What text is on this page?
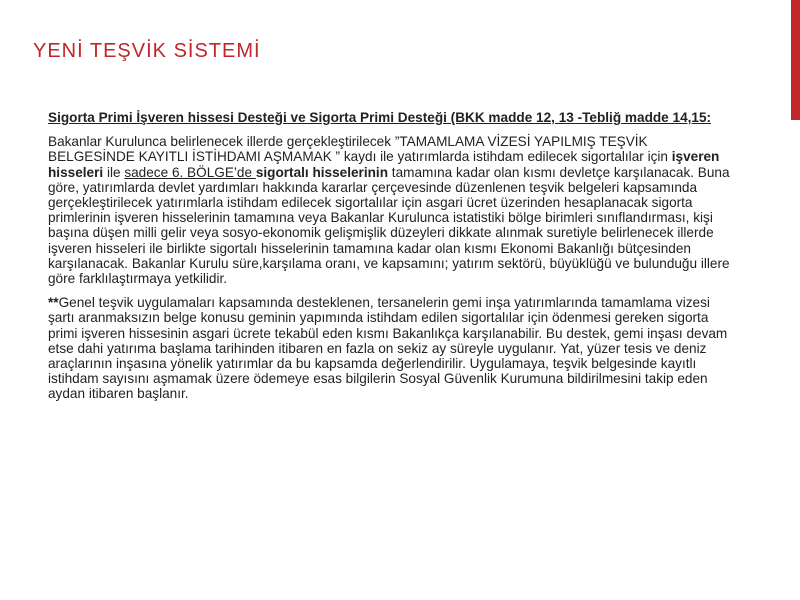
YENİ TEŞVİK SİSTEMİ

Sigorta Primi İşveren hissesi Desteği ve Sigorta Primi Desteği (BKK madde 12, 13 -Tebliğ madde 14,15:

Bakanlar Kurulunca belirlenecek illerde gerçekleştirilecek ”TAMAMLAMA VİZESİ YAPILMIŞ TEŞVİK BELGESİNDE KAYITLI İSTİHDAMI AŞMAMAK ” kaydı ile yatırımlarda istihdam edilecek sigortalılar için işveren hisseleri ile sadece 6. BÖLGE’de sigortalı hisselerinin tamamına kadar olan kısmı devletçe karşılanacak. Buna göre, yatırımlarda devlet yardımları hakkında kararlar çerçevesinde düzenlenen teşvik belgeleri kapsamında gerçekleştirilecek yatırımlarla istihdam edilecek sigortalılar için asgari ücret üzerinden hesaplanacak sigorta primlerinin işveren hisselerinin tamamına veya Bakanlar Kurulunca istatistiki bölge birimleri sınıflandırması, kişi başına düşen milli gelir veya sosyo-ekonomik gelişmişlik düzeyleri dikkate alınmak suretiyle belirlenecek illerde işveren hisseleri ile birlikte sigortalı hisselerinin tamamına kadar olan kısmı Ekonomi Bakanlığı bütçesinden karşılanacak. Bakanlar Kurulu süre,karşılama oranı, ve kapsamını; yatırım sektörü, büyüklüğü ve bulunduğu illere göre farklılaştırmaya yetkilidir.

**Genel teşvik uygulamaları kapsamında desteklenen, tersanelerin gemi inşa yatırımlarında tamamlama vizesi şartı aranmaksızın belge konusu geminin yapımında istihdam edilen sigortalılar için ödenmesi gereken sigorta primi işveren hissesinin asgari ücrete tekabül eden kısmı Bakanlıkça karşılanabilir. Bu destek, gemi inşası devam etse dahi yatırıma başlama tarihinden itibaren en fazla on sekiz ay süreyle uygulanır. Yat, yüzer tesis ve deniz araçlarının inşasına yönelik yatırımlar da bu kapsamda değerlendirilir. Uygulamaya, teşvik belgesinde kayıtlı istihdam sayısını aşmamak üzere ödemeye esas bilgilerin Sosyal Güvenlik Kurumuna bildirilmesini takip eden aydan itibaren başlanır.
